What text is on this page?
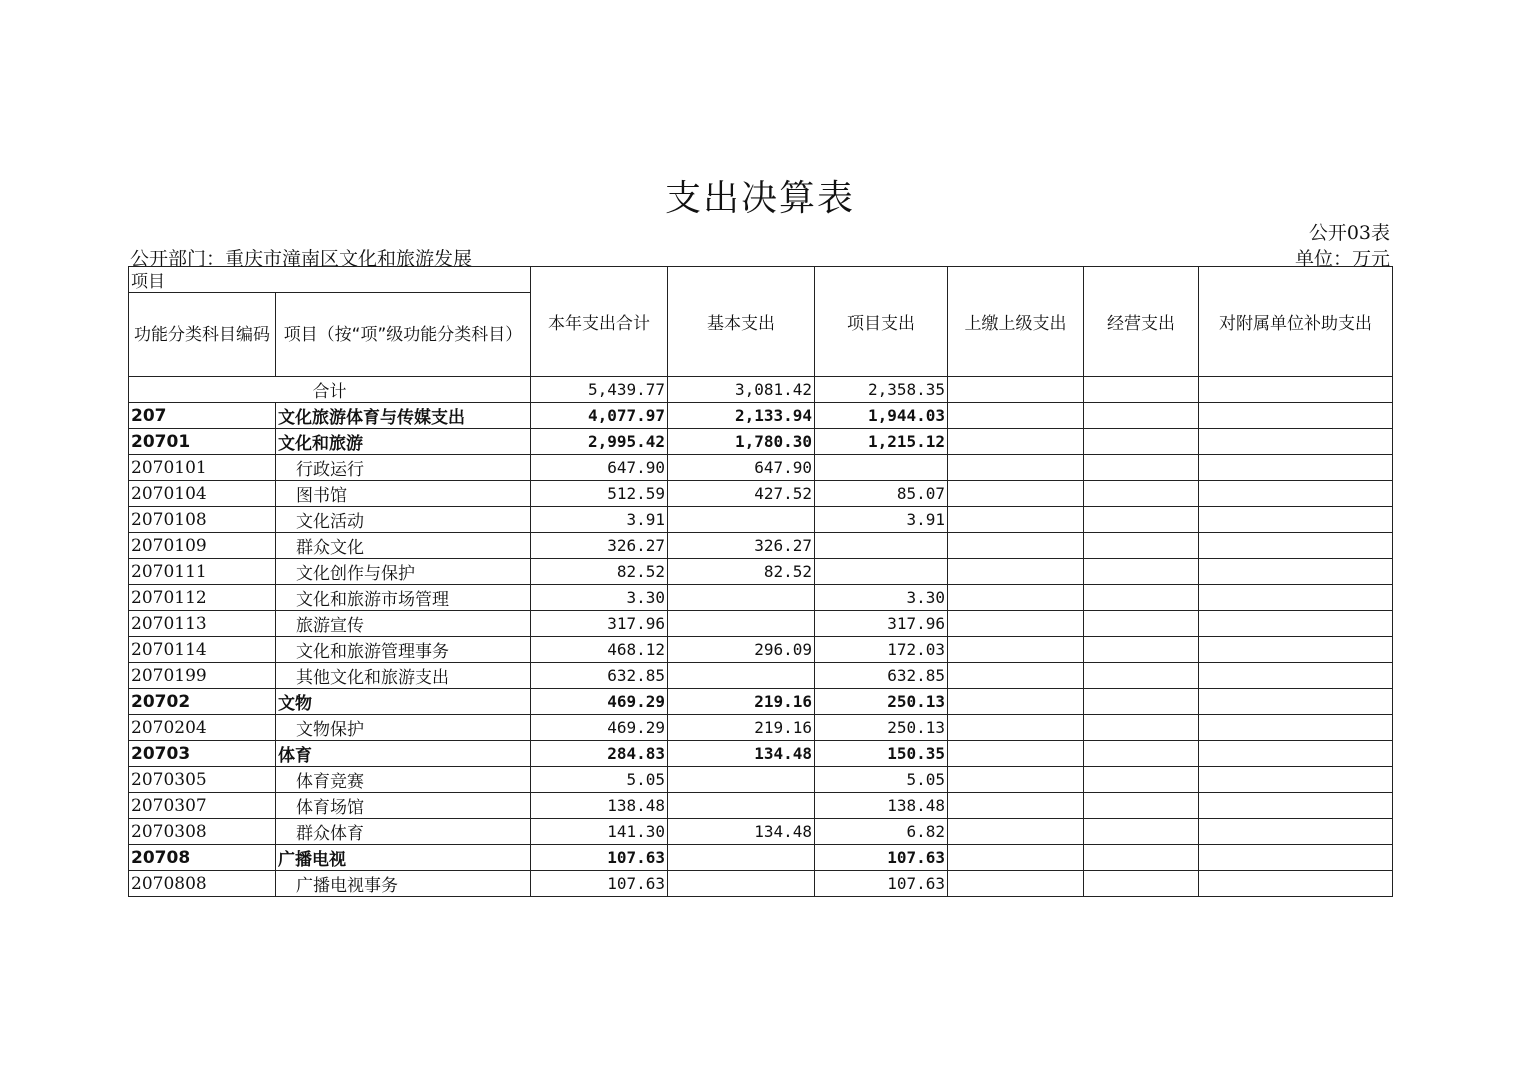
支出决算表
公开03表
公开部门：重庆市潼南区文化和旅游发展	单位：万元
项目		本年支出合计	基本支出	项目支出	上缴上级支出	经营支出	对附属单位补助支出
功能分类科目编码	项目（按“项”级功能分类科目）						
合计		5,439.77	3,081.42	2,358.35			
207	文化旅游体育与传媒支出	4,077.97	2,133.94	1,944.03			
20701	文化和旅游	2,995.42	1,780.30	1,215.12			
2070101	行政运行	647.90	647.90				
2070104	图书馆	512.59	427.52	85.07			
2070108	文化活动	3.91		3.91			
2070109	群众文化	326.27	326.27				
2070111	文化创作与保护	82.52	82.52				
2070112	文化和旅游市场管理	3.30		3.30			
2070113	旅游宣传	317.96		317.96			
2070114	文化和旅游管理事务	468.12	296.09	172.03			
2070199	其他文化和旅游支出	632.85		632.85			
20702	文物	469.29	219.16	250.13			
2070204	文物保护	469.29	219.16	250.13			
20703	体育	284.83	134.48	150.35			
2070305	体育竞赛	5.05		5.05			
2070307	体育场馆	138.48		138.48			
2070308	群众体育	141.30	134.48	6.82			
20708	广播电视	107.63		107.63			
2070808	广播电视事务	107.63		107.63			
